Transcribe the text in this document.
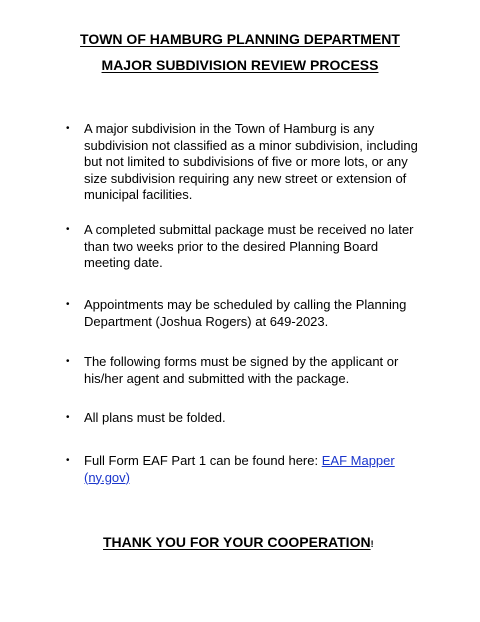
TOWN OF HAMBURG PLANNING DEPARTMENT
MAJOR SUBDIVISION REVIEW PROCESS
•	A major subdivision in the Town of Hamburg is any subdivision not classified as a minor subdivision, including but not limited to subdivisions of five or more lots, or any size subdivision requiring any new street or extension of municipal facilities.
•	A completed submittal package must be received no later than two weeks prior to the desired Planning Board meeting date.
•	Appointments may be scheduled by calling the Planning Department (Joshua Rogers) at 649-2023.
•	The following forms must be signed by the applicant or his/her agent and submitted with the package.
•	All plans must be folded.
•	Full Form EAF Part 1 can be found here: EAF Mapper (ny.gov)
THANK YOU FOR YOUR COOPERATION!
